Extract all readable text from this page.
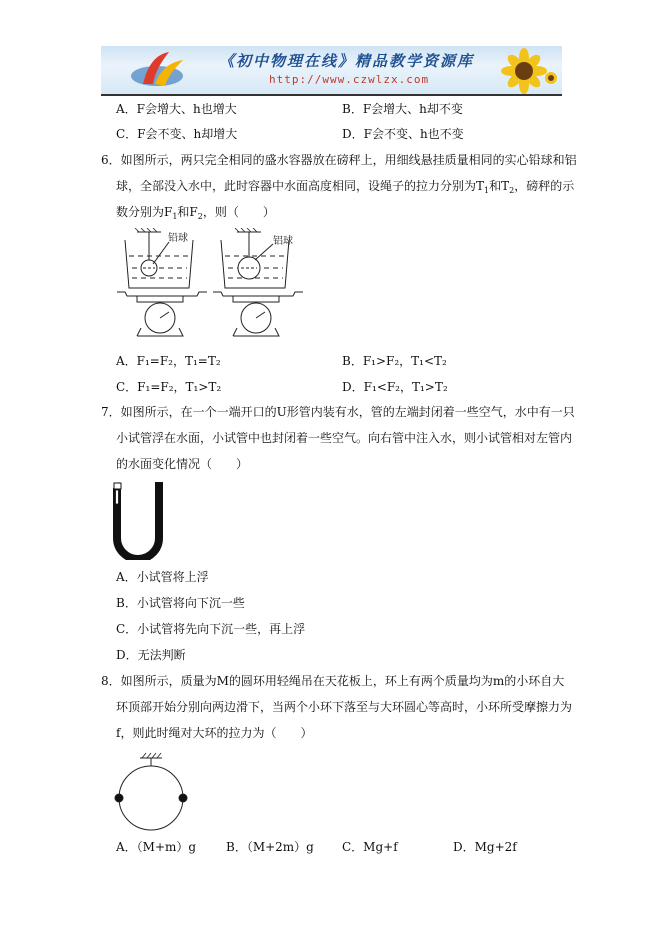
《初中物理在线》精品教学资源库
http://www.czwlzx.com
A．F会增大、h也增大	B．F会增大、h却不变
C．F会不变、h却增大	D．F会不变、h也不变
6．如图所示，两只完全相同的盛水容器放在磅秤上，用细线悬挂质量相同的实心铅球和铝
球，全部没入水中，此时容器中水面高度相同，设绳子的拉力分别为$T_1$和$T_2$，磅秤的示
数分别为$F_1$和$F_2$，则（　　）
铅球	铝球
A．F₁=F₂，T₁=T₂	B．F₁>F₂，T₁<T₂
C．F₁=F₂，T₁>T₂	D．F₁<F₂，T₁>T₂
7．如图所示，在一个一端开口的U形管内装有水，管的左端封闭着一些空气，水中有一只
小试管浮在水面，小试管中也封闭着一些空气。向右管中注入水，则小试管相对左管内
的水面变化情况（　　）
A．小试管将上浮
B．小试管将向下沉一些
C．小试管将先向下沉一些，再上浮
D．无法判断
8．如图所示，质量为M的圆环用轻绳吊在天花板上，环上有两个质量均为m的小环自大
环顶部开始分别向两边滑下，当两个小环下落至与大环圆心等高时，小环所受摩擦力为
f，则此时绳对大环的拉力为（　　）
A．（M+m）g B．（M+2m）g C．Mg+f	D．Mg+2f
